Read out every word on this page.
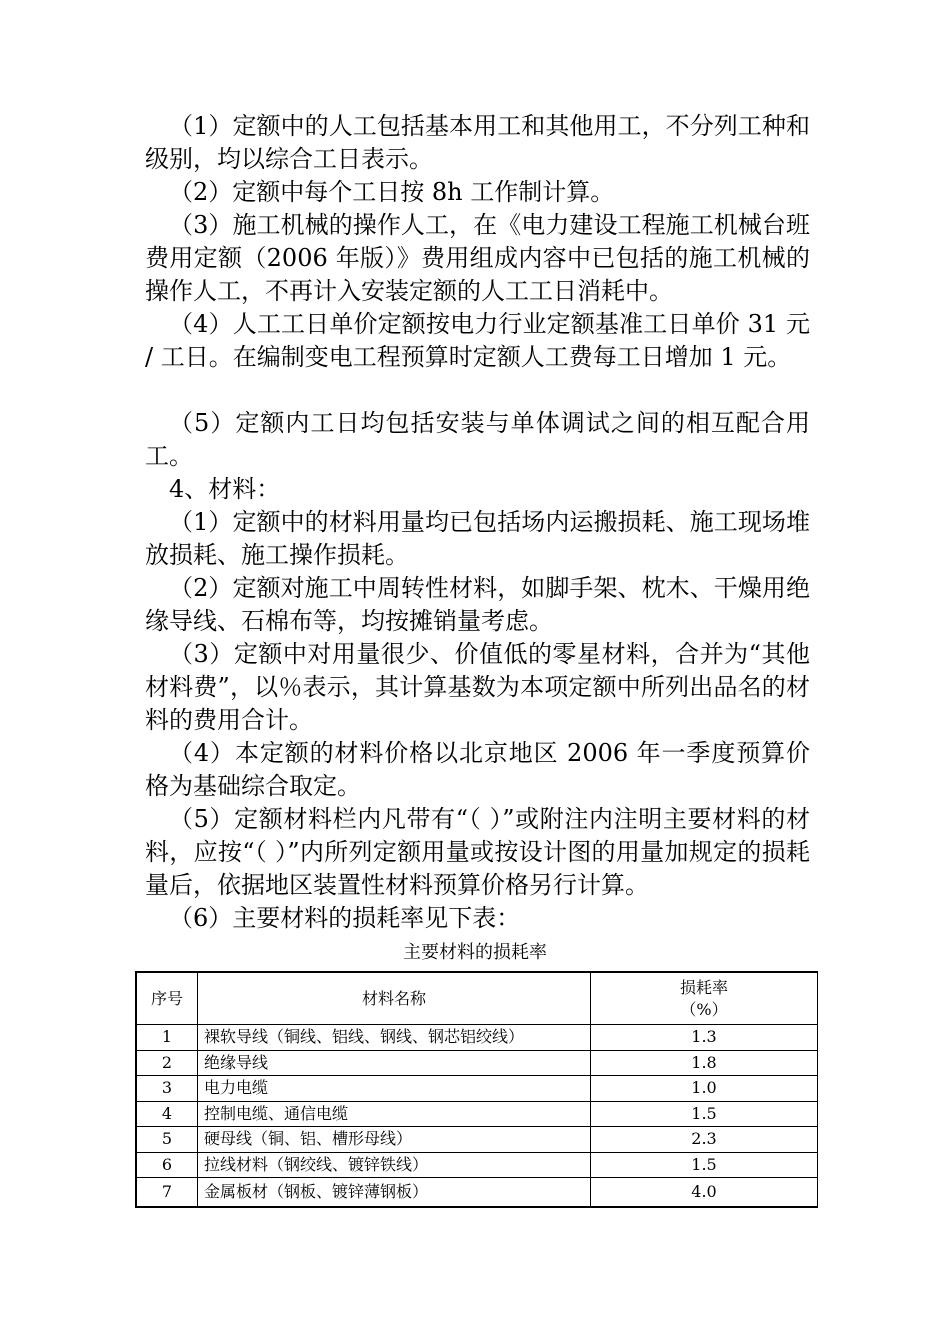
（1）定额中的人工包括基本用工和其他用工，不分列工种和级别，均以综合工日表示。

（2）定额中每个工日按 8h 工作制计算。

（3）施工机械的操作人工，在《电力建设工程施工机械台班费用定额（2006 年版）》费用组成内容中已包括的施工机械的操作人工，不再计入安装定额的人工工日消耗中。

（4）人工工日单价定额按电力行业定额基准工日单价 31 元 / 工日。在编制变电工程预算时定额人工费每工日增加 1 元。

（5）定额内工日均包括安装与单体调试之间的相互配合用工。

4、材料：

（1）定额中的材料用量均已包括场内运搬损耗、施工现场堆放损耗、施工操作损耗。

（2）定额对施工中周转性材料，如脚手架、枕木、干燥用绝缘导线、石棉布等，均按摊销量考虑。

（3）定额中对用量很少、价值低的零星材料，合并为“其他材料费”，以％表示，其计算基数为本项定额中所列出品名的材料的费用合计。

（4）本定额的材料价格以北京地区 2006 年一季度预算价格为基础综合取定。

（5）定额材料栏内凡带有“（ ）”或附注内注明主要材料的材料，应按“（ ）”内所列定额用量或按设计图的用量加规定的损耗量后，依据地区装置性材料预算价格另行计算。

（6）主要材料的损耗率见下表：

主要材料的损耗率
序号	材料名称	损耗率
（%）

1	裸软导线（铜线、铝线、钢线、钢芯铝绞线）	1.3
2	绝缘导线	1.8
3	电力电缆	1.0
4	控制电缆、通信电缆	1.5
5	硬母线（铜、铝、槽形母线）	2.3
6	拉线材料（钢绞线、镀锌铁线）	1.5
7	金属板材（钢板、镀锌薄钢板）	4.0
